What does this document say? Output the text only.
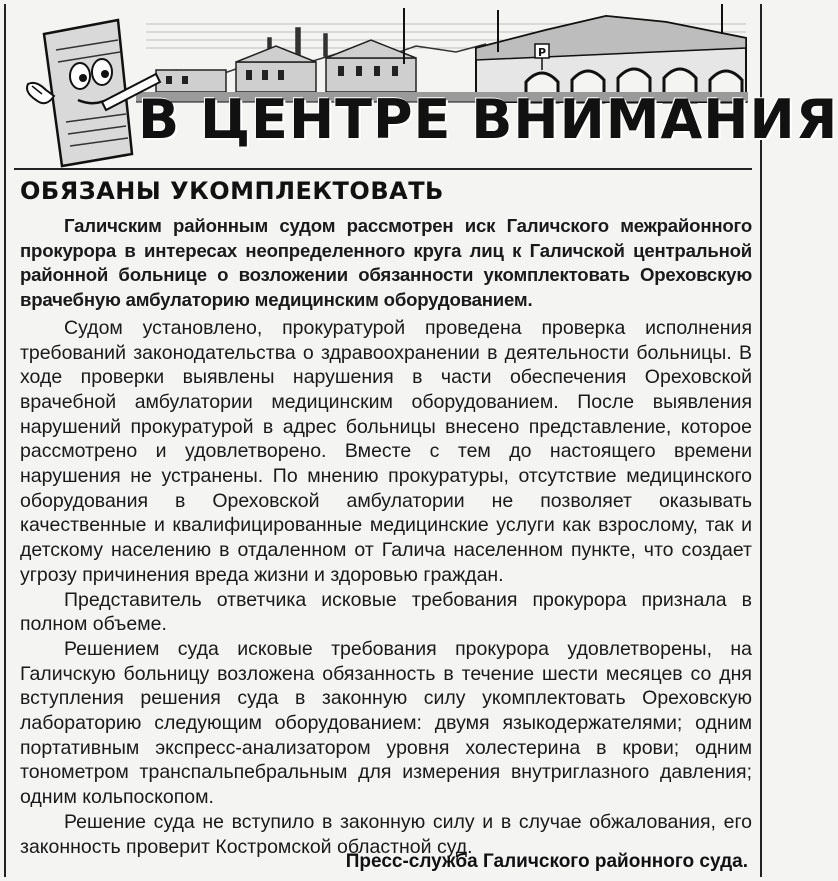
Р
В ЦЕНТРЕ ВНИМАНИЯ
ОБЯЗАНЫ УКОМПЛЕКТОВАТЬ

Галичским районным судом рассмотрен иск Галичского межрайонного прокурора в интересах неопределенного круга лиц к Галичской центральной районной больнице о возложении обязанности укомплектовать Ореховскую врачебную амбулаторию медицинским оборудованием.

Судом установлено, прокуратурой проведена проверка исполнения требований законодательства о здравоохранении в деятельности больницы. В ходе проверки выявлены нарушения в части обеспечения Ореховской врачебной амбулатории медицинским оборудованием. После выявления нарушений прокуратурой в адрес больницы внесено представление, которое рассмотрено и удовлетворено. Вместе с тем до настоящего времени нарушения не устранены. По мнению прокуратуры, отсутствие медицинского оборудования в Ореховской амбулатории не позволяет оказывать качественные и квалифицированные медицинские услуги как взрослому, так и детскому населению в отдаленном от Галича населенном пункте, что создает угрозу причинения вреда жизни и здоровью граждан.

Представитель ответчика исковые требования прокурора признала в полном объеме.

Решением суда исковые требования прокурора удовлетворены, на Галичскую больницу возложена обязанность в течение шести месяцев со дня вступления решения суда в законную силу укомплектовать Ореховскую лабораторию следующим оборудованием: двумя языкодержателями; одним портативным экспресс-анализатором уровня холестерина в крови; одним тонометром транспальпебральным для измерения внутриглазного давления; одним кольпоскопом.

Решение суда не вступило в законную силу и в случае обжалования, его законность проверит Костромской областной суд.

Пресс-служба Галичского районного суда.
